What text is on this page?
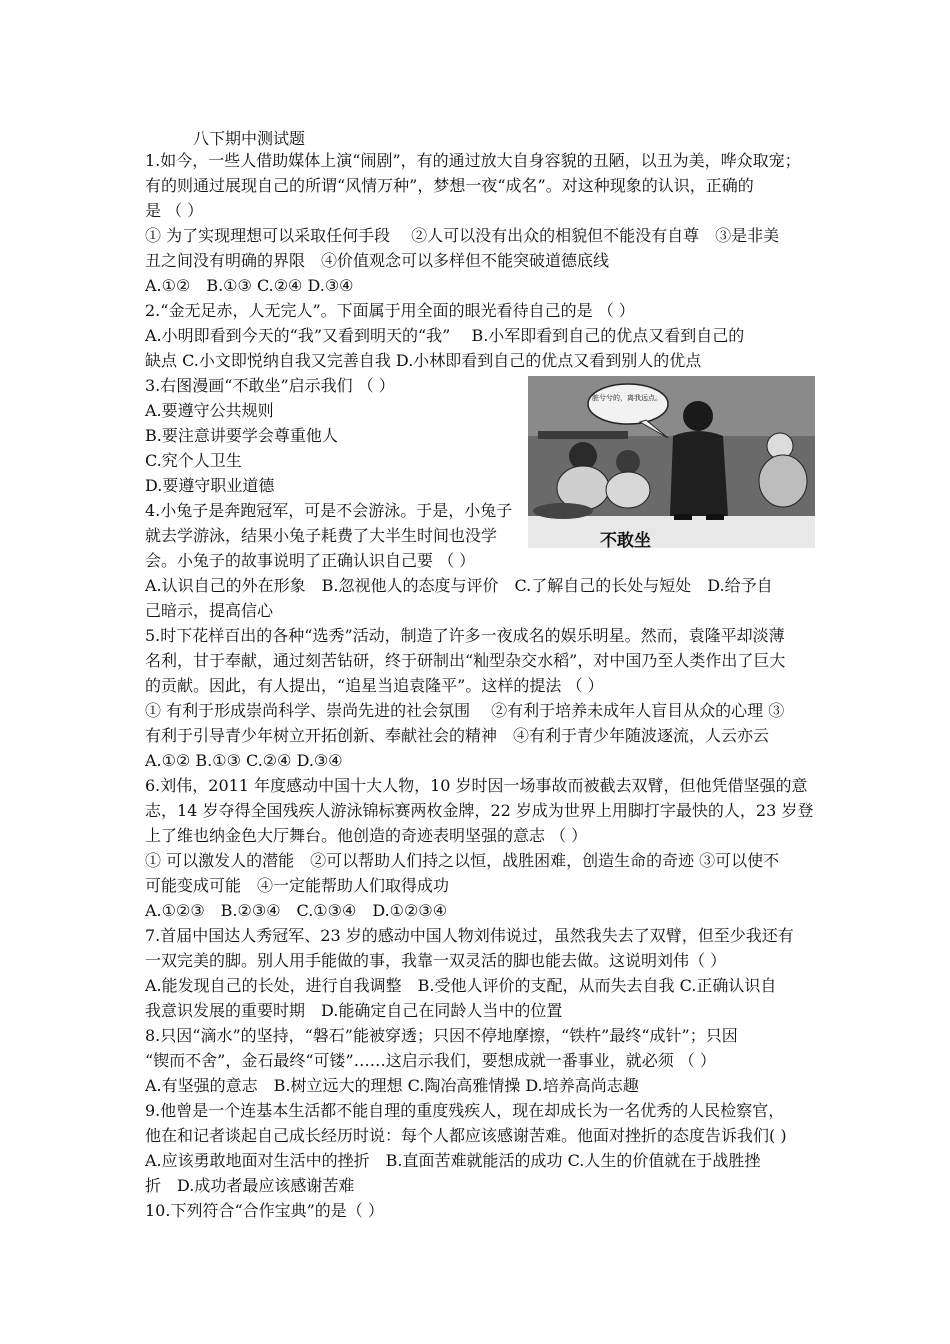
八下期中测试题
1.如今，一些人借助媒体上演“闹剧”，有的通过放大自身容貌的丑陋，以丑为美，哗众取宠；
有的则通过展现自己的所谓“风情万种”，梦想一夜“成名”。对这种现象的认识，正确的
是 （ ）
① 为了实现理想可以采取任何手段　 ②人可以没有出众的相貌但不能没有自尊　③是非美
丑之间没有明确的界限　④价值观念可以多样但不能突破道德底线
A.①②　B.①③ C.②④ D.③④
2.“金无足赤，人无完人”。下面属于用全面的眼光看待自己的是 （ ）
A.小明即看到今天的“我”又看到明天的“我”　 B.小军即看到自己的优点又看到自己的
缺点 C.小文即悦纳自我又完善自我 D.小林即看到自己的优点又看到别人的优点
3.右图漫画“不敢坐”启示我们 （ ）
A.要遵守公共规则
B.要注意讲要学会尊重他人
C.究个人卫生
D.要遵守职业道德
4.小兔子是奔跑冠军，可是不会游泳。于是，小兔子
就去学游泳，结果小兔子耗费了大半生时间也没学
会。小兔子的故事说明了正确认识自己要 （ ）
A.认识自己的外在形象　B.忽视他人的态度与评价　C.了解自己的长处与短处　D.给予自
己暗示，提高信心
5.时下花样百出的各种“选秀”活动，制造了许多一夜成名的娱乐明星。然而，袁隆平却淡薄
名利，甘于奉献，通过刻苦钻研，终于研制出“籼型杂交水稻”，对中国乃至人类作出了巨大
的贡献。因此，有人提出，“追星当追袁隆平”。这样的提法 （ ）
① 有利于形成崇尚科学、崇尚先进的社会氛围　 ②有利于培养未成年人盲目从众的心理 ③
有利于引导青少年树立开拓创新、奉献社会的精神　④有利于青少年随波逐流，人云亦云
A.①② B.①③ C.②④ D.③④
6.刘伟，2011 年度感动中国十大人物，10 岁时因一场事故而被截去双臂，但他凭借坚强的意
志，14 岁夺得全国残疾人游泳锦标赛两枚金牌，22 岁成为世界上用脚打字最快的人，23 岁登
上了维也纳金色大厅舞台。他创造的奇迹表明坚强的意志 （ ）
① 可以激发人的潜能　②可以帮助人们持之以恒，战胜困难，创造生命的奇迹 ③可以使不
可能变成可能　④一定能帮助人们取得成功
A.①②③　B.②③④　C.①③④　D.①②③④
7.首届中国达人秀冠军、23 岁的感动中国人物刘伟说过，虽然我失去了双臂，但至少我还有
一双完美的脚。别人用手能做的事，我靠一双灵活的脚也能去做。这说明刘伟（ ）
A.能发现自己的长处，进行自我调整　B.受他人评价的支配，从而失去自我 C.正确认识自
我意识发展的重要时期　D.能确定自己在同龄人当中的位置
8.只因“滴水”的坚持，“磐石”能被穿透；只因不停地摩擦，“铁杵”最终“成针”；只因
“锲而不舍”，金石最终“可镂”……这启示我们，要想成就一番事业，就必须 （ ）
A.有坚强的意志　B.树立远大的理想 C.陶冶高雅情操 D.培养高尚志趣
9.他曾是一个连基本生活都不能自理的重度残疾人，现在却成长为一名优秀的人民检察官，
他在和记者谈起自己成长经历时说：每个人都应该感谢苦难。他面对挫折的态度告诉我们( )
A.应该勇敢地面对生活中的挫折　B.直面苦难就能活的成功 C.人生的价值就在于战胜挫
折　D.成功者最应该感谢苦难
10.下列符合“合作宝典”的是（ ）
脏兮兮的，离我远点。
不敢坐
